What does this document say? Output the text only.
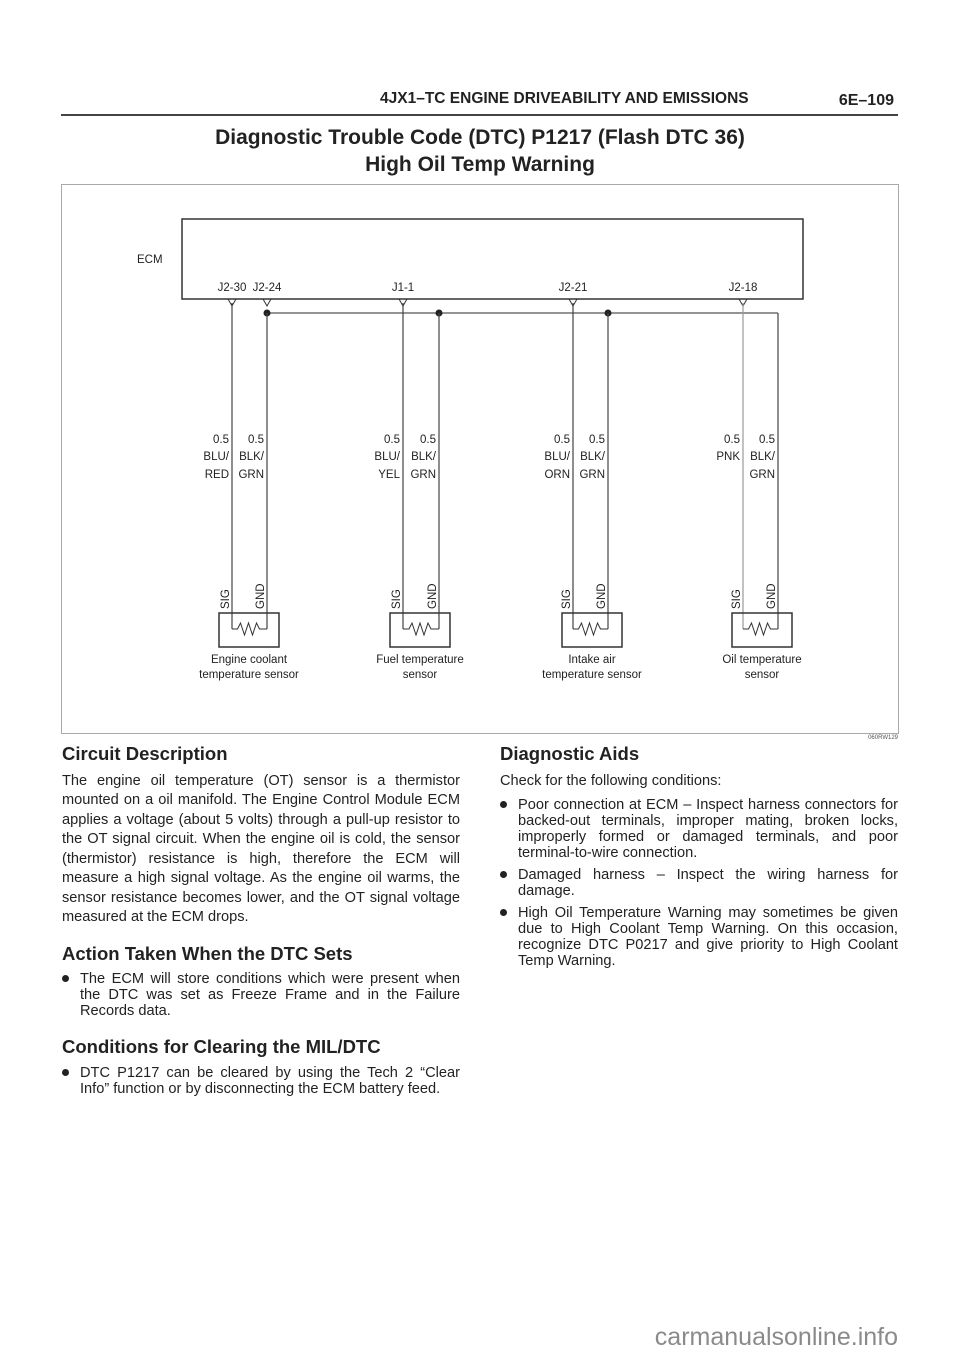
4JX1–TC ENGINE DRIVEABILITY AND EMISSIONS	6E–109
Diagnostic Trouble Code (DTC) P1217 (Flash DTC 36)
High Oil Temp Warning
ECM
J2-30 J2-24	J1-1	J2-21	J2-18
0.5
BLU/
RED
0.5
BLK/
GRN
SIG GND
Engine coolant
temperature sensor
0.5
BLU/
YEL
0.5
BLK/
GRN
SIG GND
Fuel temperature
sensor
0.5
BLU/
ORN
0.5
BLK/
GRN
SIG GND
Intake air
temperature sensor
0.5
PNK
0.5
BLK/
GRN
SIG GND
Oil temperature
sensor
060RW129
Circuit Description

The engine oil temperature (OT) sensor is a thermistor mounted on a oil manifold. The Engine Control Module ECM applies a voltage (about 5 volts) through a pull-up resistor to the OT signal circuit. When the engine oil is cold, the sensor (thermistor) resistance is high, therefore the ECM will measure a high signal voltage. As the engine oil warms, the sensor resistance becomes lower, and the OT signal voltage measured at the ECM drops.

Action Taken When the DTC Sets
The ECM will store conditions which were present when the DTC was set as Freeze Frame and in the Failure Records data.
Conditions for Clearing the MIL/DTC
DTC P1217 can be cleared by using the Tech 2 “Clear Info” function or by disconnecting the ECM battery feed.
Diagnostic Aids

Check for the following conditions:

Poor connection at ECM – Inspect harness connectors for backed-out terminals, improper mating, broken locks, improperly formed or damaged terminals, and poor terminal-to-wire connection.
Damaged harness – Inspect the wiring harness for damage.
High Oil Temperature Warning may sometimes be given due to High Coolant Temp Warning. On this occasion, recognize DTC P0217 and give priority to High Coolant Temp Warning.
carmanualsonline.info
